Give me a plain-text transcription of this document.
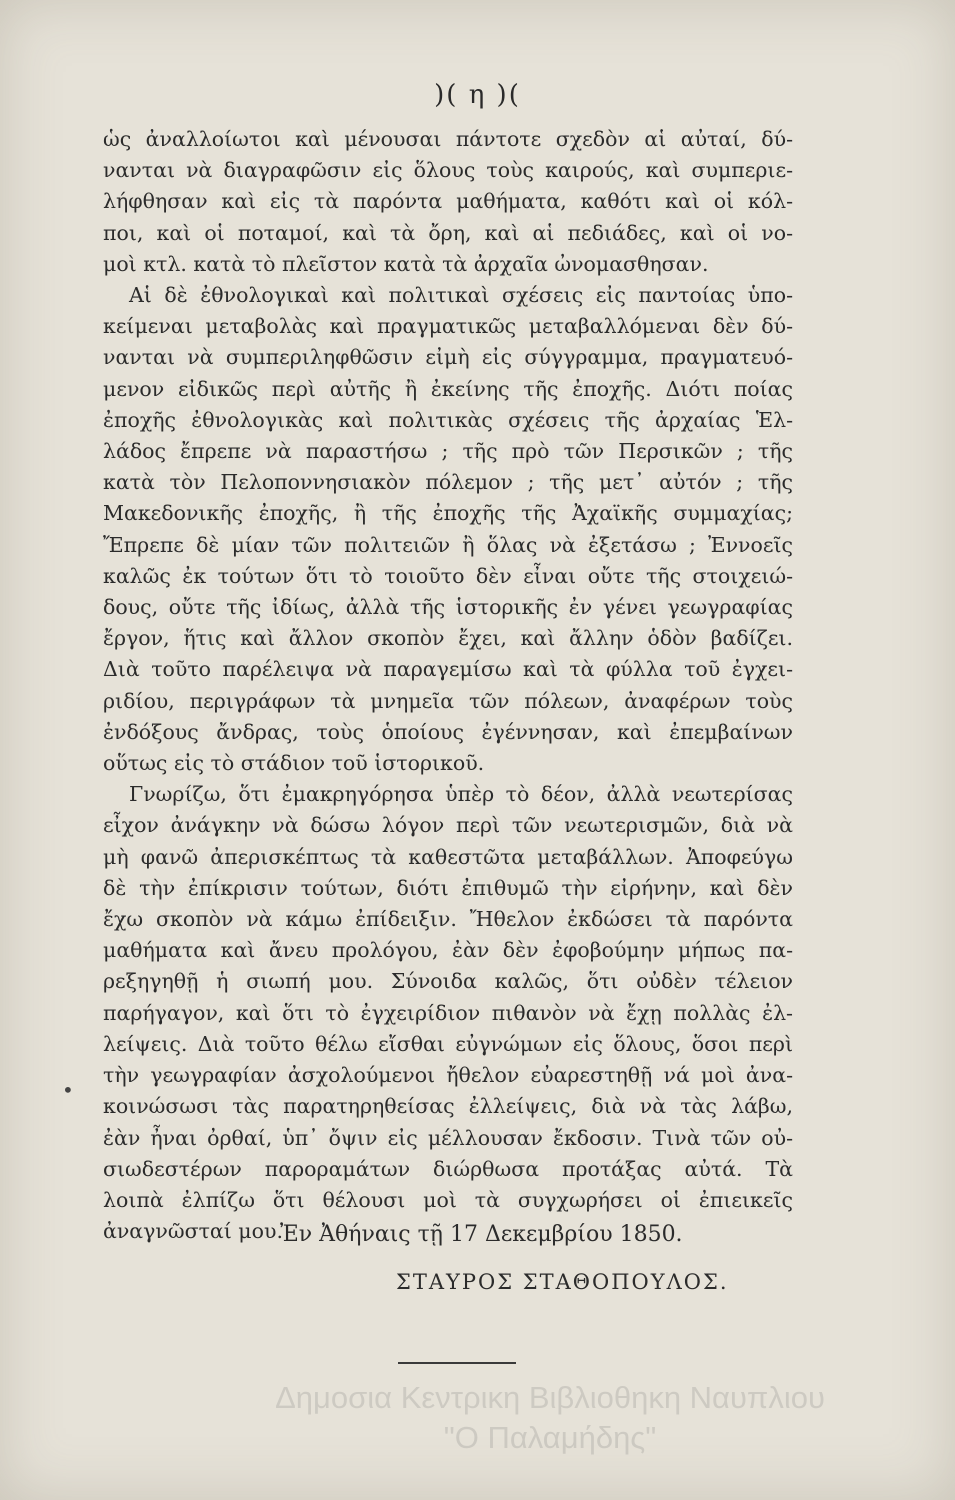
)( η )(
ὡς ἀναλλοίωτοι καὶ μένουσαι πάντοτε σχεδὸν αἱ αὐταί, δύ-
νανται νὰ διαγραφῶσιν εἰς ὅλους τοὺς καιρούς, καὶ συμπεριε-
λήφθησαν καὶ εἰς τὰ παρόντα μαθήματα, καθότι καὶ οἱ κόλ-
ποι, καὶ οἱ ποταμοί, καὶ τὰ ὄρη, καὶ αἱ πεδιάδες, καὶ οἱ νο-
μοὶ κτλ. κατὰ τὸ πλεῖστον κατὰ τὰ ἀρχαῖα ὠνομασθησαν.
Αἱ δὲ ἐθνολογικαὶ καὶ πολιτικαὶ σχέσεις εἰς παντοίας ὑπο-
κείμεναι μεταβολὰς καὶ πραγματικῶς μεταβαλλόμεναι δὲν δύ-
νανται νὰ συμπεριληφθῶσιν εἰμὴ εἰς σύγγραμμα, πραγματευό-
μενον εἰδικῶς περὶ αὐτῆς ἢ ἐκείνης τῆς ἐποχῆς. Διότι ποίας
ἐποχῆς ἐθνολογικὰς καὶ πολιτικὰς σχέσεις τῆς ἀρχαίας Ἑλ-
λάδος ἔπρεπε νὰ παραστήσω ; τῆς πρὸ τῶν Περσικῶν ; τῆς
κατὰ τὸν Πελοποννησιακὸν πόλεμον ; τῆς μετ᾽ αὐτόν ; τῆς
Μακεδονικῆς ἐποχῆς, ἢ τῆς ἐποχῆς τῆς Ἀχαϊκῆς συμμαχίας;
Ἔπρεπε δὲ μίαν τῶν πολιτειῶν ἢ ὅλας νὰ ἐξετάσω ; Ἐννοεῖς
καλῶς ἐκ τούτων ὅτι τὸ τοιοῦτο δὲν εἶναι οὔτε τῆς στοιχειώ-
δους, οὔτε τῆς ἰδίως, ἀλλὰ τῆς ἱστορικῆς ἐν γένει γεωγραφίας
ἔργον, ἥτις καὶ ἄλλον σκοπὸν ἔχει, καὶ ἄλλην ὁδὸν βαδίζει.
Διὰ τοῦτο παρέλειψα νὰ παραγεμίσω καὶ τὰ φύλλα τοῦ ἐγχει-
ριδίου, περιγράφων τὰ μνημεῖα τῶν πόλεων, ἀναφέρων τοὺς
ἐνδόξους ἄνδρας, τοὺς ὁποίους ἐγέννησαν, καὶ ἐπεμβαίνων
οὕτως εἰς τὸ στάδιον τοῦ ἱστορικοῦ.
Γνωρίζω, ὅτι ἐμακρηγόρησα ὑπὲρ τὸ δέον, ἀλλὰ νεωτερίσας
εἶχον ἀνάγκην νὰ δώσω λόγον περὶ τῶν νεωτερισμῶν, διὰ νὰ
μὴ φανῶ ἀπερισκέπτως τὰ καθεστῶτα μεταβάλλων. Ἀποφεύγω
δὲ τὴν ἐπίκρισιν τούτων, διότι ἐπιθυμῶ τὴν εἰρήνην, καὶ δὲν
ἔχω σκοπὸν νὰ κάμω ἐπίδειξιν. Ἤθελον ἐκδώσει τὰ παρόντα
μαθήματα καὶ ἄνευ προλόγου, ἐὰν δὲν ἐφοβούμην μήπως πα-
ρεξηγηθῇ ἡ σιωπή μου. Σύνοιδα καλῶς, ὅτι οὐδὲν τέλειον
παρήγαγον, καὶ ὅτι τὸ ἐγχειρίδιον πιθανὸν νὰ ἔχῃ πολλὰς ἐλ-
λείψεις. Διὰ τοῦτο θέλω εἴσθαι εὐγνώμων εἰς ὅλους, ὅσοι περὶ
τὴν γεωγραφίαν ἀσχολούμενοι ἤθελον εὐαρεστηθῇ νά μοὶ ἀνα-
κοινώσωσι τὰς παρατηρηθείσας ἐλλείψεις, διὰ νὰ τὰς λάβω,
ἐὰν ἦναι ὀρθαί, ὑπ᾽ ὄψιν εἰς μέλλουσαν ἔκδοσιν. Τινὰ τῶν οὐ-
σιωδεστέρων παροραμάτων διώρθωσα προτάξας αὐτά. Τὰ
λοιπὰ ἐλπίζω ὅτι θέλουσι μοὶ τὰ συγχωρήσει οἱ ἐπιεικεῖς
ἀναγνῶσταί μου.
•
Ἐν Ἀθήναις τῇ 17 Δεκεμβρίου 1850.
ΣΤΑΥΡΟΣ ΣΤΑΘΟΠΟΥΛΟΣ.
Δημοσια Κεντρικη Βιβλιοθηκη Ναυπλιου
"Ο Παλαμήδης"
